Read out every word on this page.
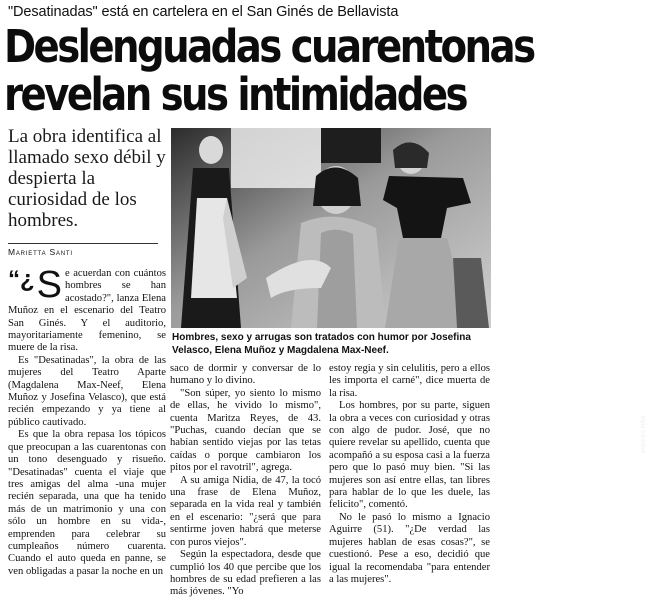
"Desatinadas" está en cartelera en el San Ginés de Bellavista
Deslenguadas cuarentonas
revelan sus intimidades
La obra identifica al llamado sexo débil y despierta la curiosidad de los hombres.
Marietta Santi
ANDRÉS PIÑA
Hombres, sexo y arrugas son tratados con humor por Josefina Velasco, Elena Muñoz y Magdalena Max-Neef.

“¿ S e acuerdan con cuántos hombres se han acostado?", lanza Elena Muñoz en el escenario del Teatro San Ginés. Y el auditorio, mayoritariamente femenino, se muere de la risa.

Es "Desatinadas", la obra de las mujeres del Teatro Aparte (Magdalena Max-Neef, Elena Muñoz y Josefina Velasco), que está recién empezando y ya tiene al público cautivado.

Es que la obra repasa los tópicos que preocupan a las cuarentonas con un tono desenguado y risueño. "Desatinadas" cuenta el viaje que tres amigas del alma -una mujer recién separada, una que ha tenido más de un matrimonio y una con sólo un hombre en su vida-, emprenden para celebrar su cumpleaños número cuarenta. Cuando el auto queda en panne, se ven obligadas a pasar la noche en un

saco de dormir y conversar de lo humano y lo divino.

"Son súper, yo siento lo mismo de ellas, he vivido lo mismo", cuenta Maritza Reyes, de 43. "Puchas, cuando decían que se habían sentido viejas por las tetas caídas o porque cambiaron los pitos por el ravotril", agrega.

A su amiga Nidia, de 47, la tocó una frase de Elena Muñoz, separada en la vida real y también en el escenario: "¿será que para sentirme joven habrá que meterse con puros viejos".

Según la espectadora, desde que cumplió los 40 que percibe que los hombres de su edad prefieren a las más jóvenes. "Yo

estoy regia y sin celulitis, pero a ellos les importa el carné", dice muerta de la risa.

Los hombres, por su parte, siguen la obra a veces con curiosidad y otras con algo de pudor. José, que no quiere revelar su apellido, cuenta que acompañó a su esposa casi a la fuerza pero que lo pasó muy bien. "Si las mujeres son así entre ellas, tan libres para hablar de lo que les duele, las felicito", comentó.

No le pasó lo mismo a Ignacio Aguirre (51). "¿De verdad las mujeres hablan de esas cosas?", se cuestionó. Pese a eso, decidió que igual la recomendaba "para entender a las mujeres".
